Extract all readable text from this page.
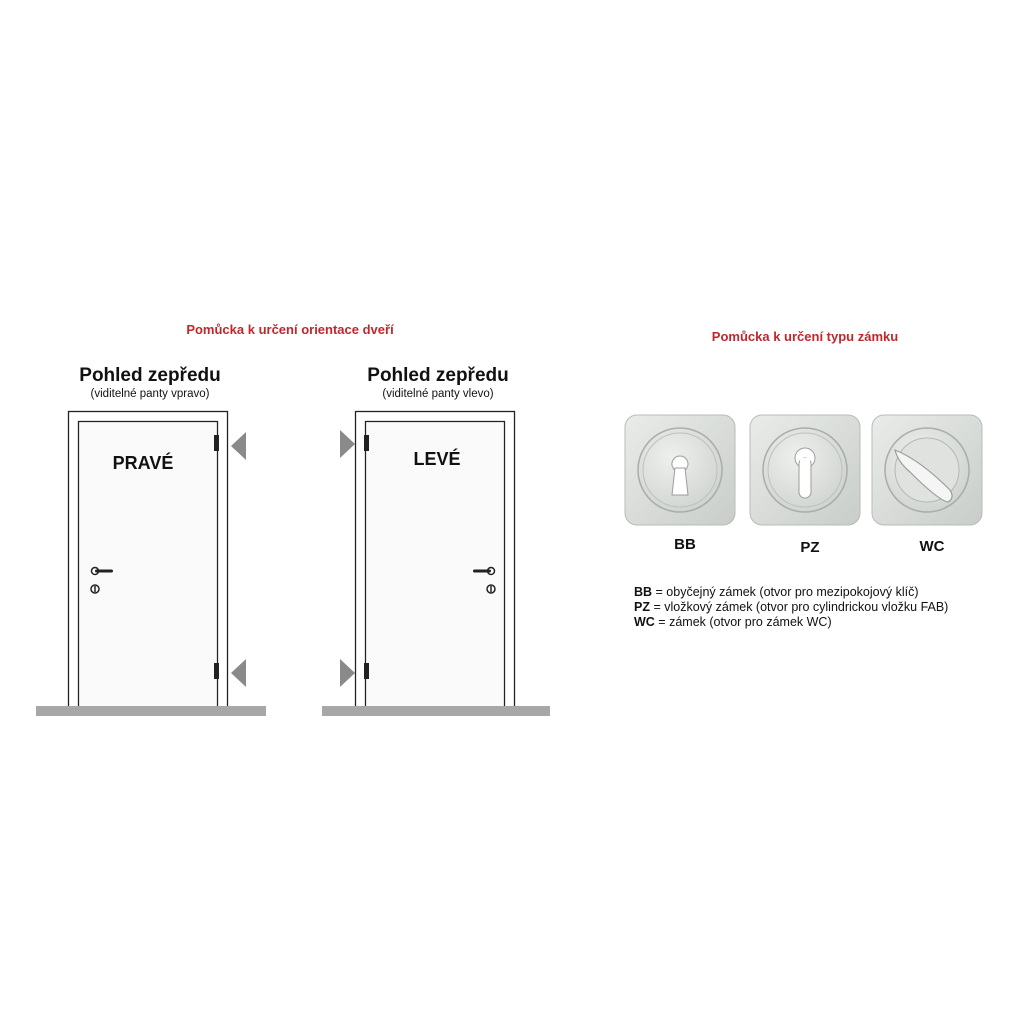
Pomůcka k určení orientace dveří
Pohled zepředu
(viditelné panty vpravo)
PRAVÉ
Pohled zepředu
(viditelné panty vlevo)
LEVÉ
Pomůcka k určení typu zámku
BB	PZ	WC
BB = obyčejný zámek (otvor pro mezipokojový klíč)
PZ = vložkový zámek (otvor pro cylindrickou vložku FAB)
WC = zámek (otvor pro zámek WC)
